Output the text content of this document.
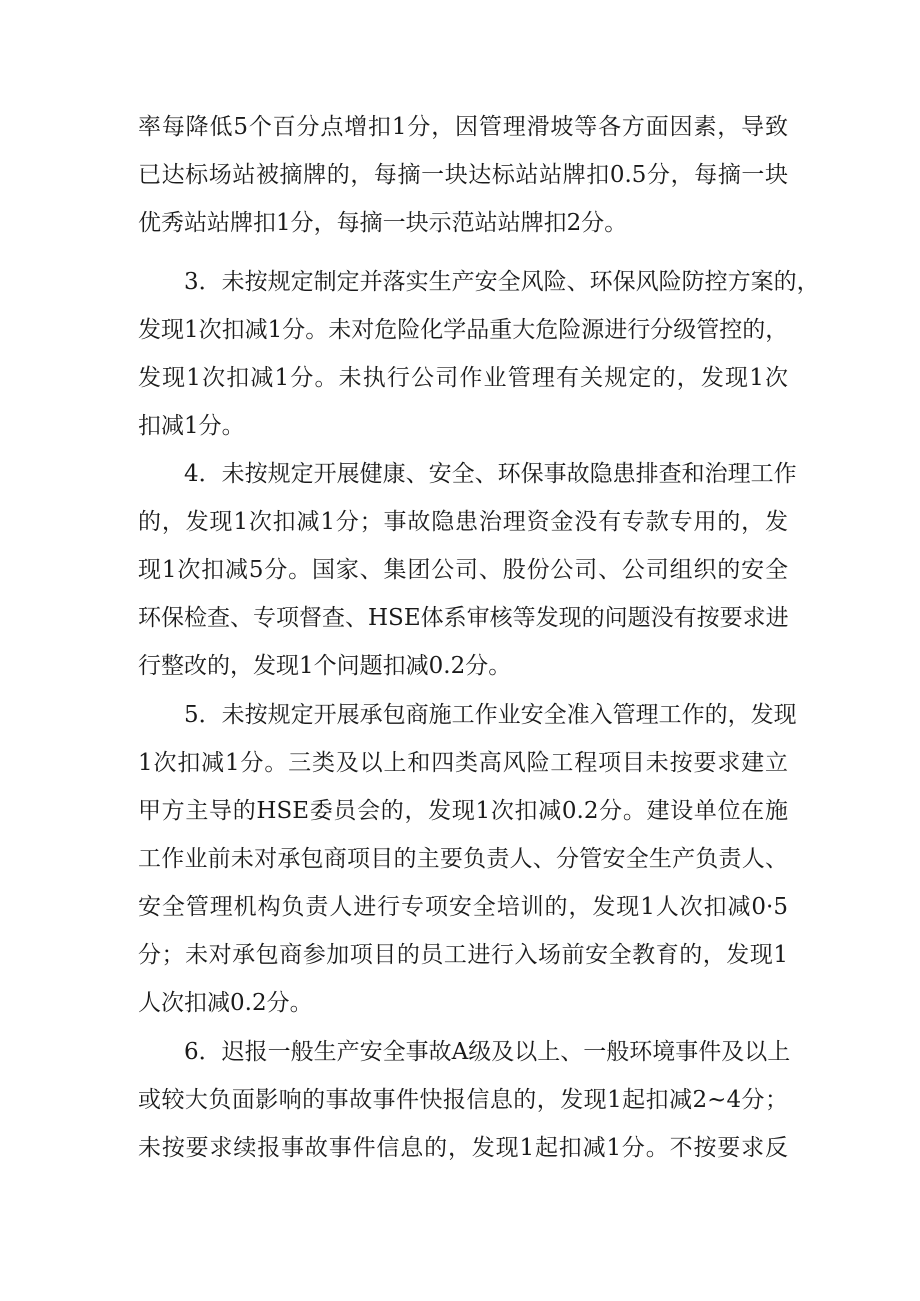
率每降低5个百分点增扣1分，因管理滑坡等各方面因素，导致
已达标场站被摘牌的，每摘一块达标站站牌扣0.5分，每摘一块
优秀站站牌扣1分，每摘一块示范站站牌扣2分。
3．未按规定制定并落实生产安全风险、环保风险防控方案的，
发现1次扣减1分。未对危险化学品重大危险源进行分级管控的，
发现1次扣减1分。未执行公司作业管理有关规定的，发现1次
扣减1分。
4．未按规定开展健康、安全、环保事故隐患排查和治理工作
的，发现1次扣减1分；事故隐患治理资金没有专款专用的，发
现1次扣减5分。国家、集团公司、股份公司、公司组织的安全
环保检查、专项督查、HSE体系审核等发现的问题没有按要求进
行整改的，发现1个问题扣减0.2分。
5．未按规定开展承包商施工作业安全准入管理工作的，发现
1次扣减1分。三类及以上和四类高风险工程项目未按要求建立
甲方主导的HSE委员会的，发现1次扣减0.2分。建设单位在施
工作业前未对承包商项目的主要负责人、分管安全生产负责人、
安全管理机构负责人进行专项安全培训的，发现1人次扣减0·5
分；未对承包商参加项目的员工进行入场前安全教育的，发现1
人次扣减0.2分。
6．迟报一般生产安全事故A级及以上、一般环境事件及以上
或较大负面影响的事故事件快报信息的，发现1起扣减2~4分；
未按要求续报事故事件信息的，发现1起扣减1分。不按要求反
